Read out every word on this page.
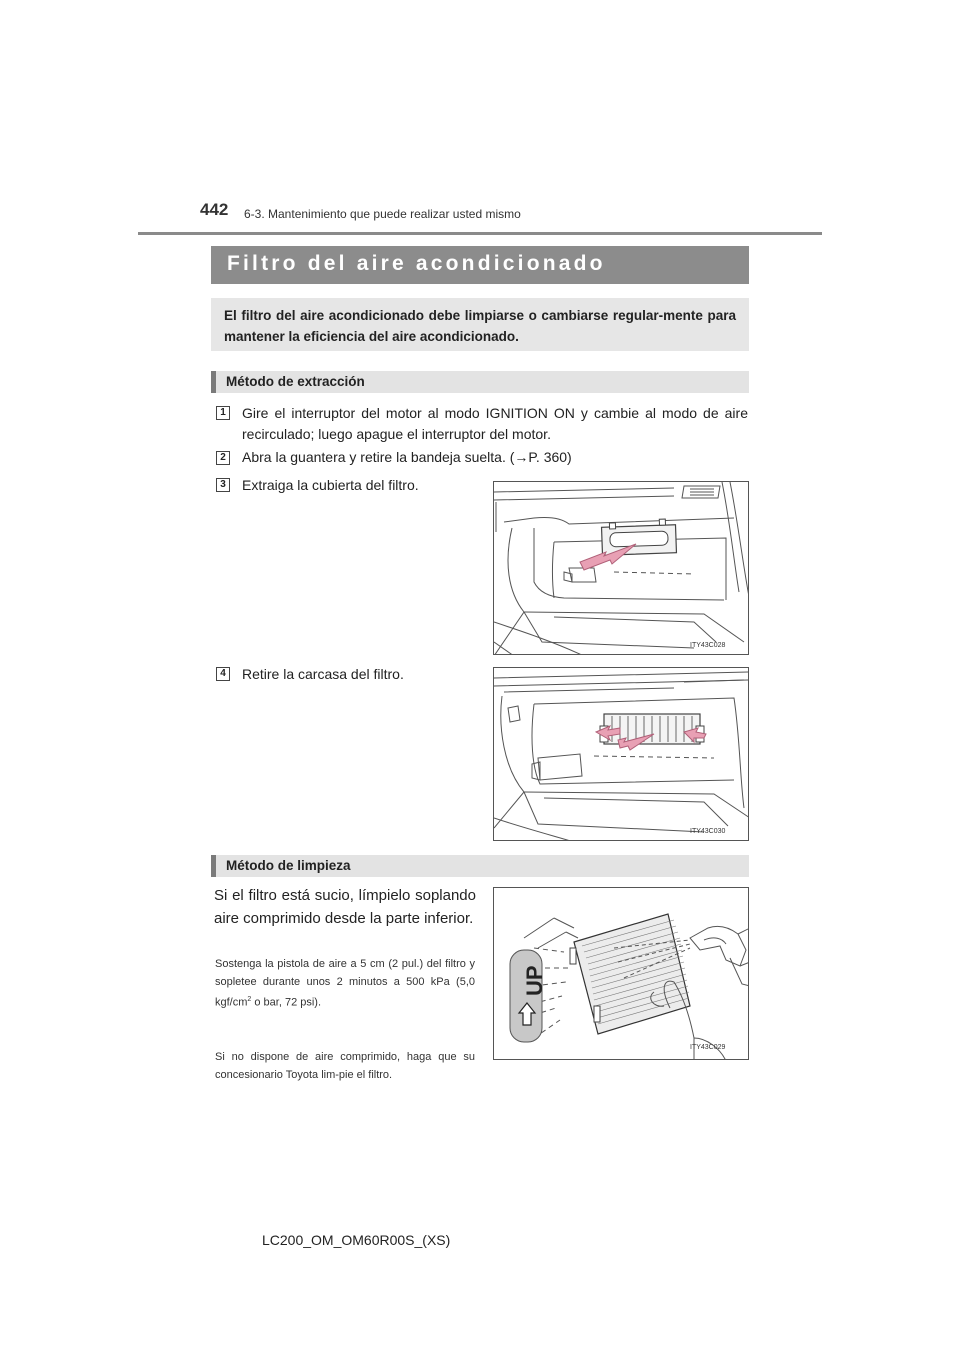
442 6-3. Mantenimiento que puede realizar usted mismo
Filtro del aire acondicionado
El filtro del aire acondicionado debe limpiarse o cambiarse regular-mente para mantener la eficiencia del aire acondicionado.
Método de extracción
1	Gire el interruptor del motor al modo IGNITION ON y cambie al modo de aire recirculado; luego apague el interruptor del motor.
2	Abra la guantera y retire la bandeja suelta. (→P. 360)
3	Extraiga la cubierta del filtro.
ITY43C028
4	Retire la carcasa del filtro.
ITY43C030
Método de limpieza
Si el filtro está sucio, límpielo soplando aire comprimido desde la parte inferior.
Sostenga la pistola de aire a 5 cm (2 pul.) del filtro y sopletee durante unos 2 minutos a 500 kPa (5,0 kgf/$cm^2$ o bar, 72 psi).
Si no dispone de aire comprimido, haga que su concesionario Toyota lim-pie el filtro.
UP
ITY43C029
LC200_OM_OM60R00S_(XS)
